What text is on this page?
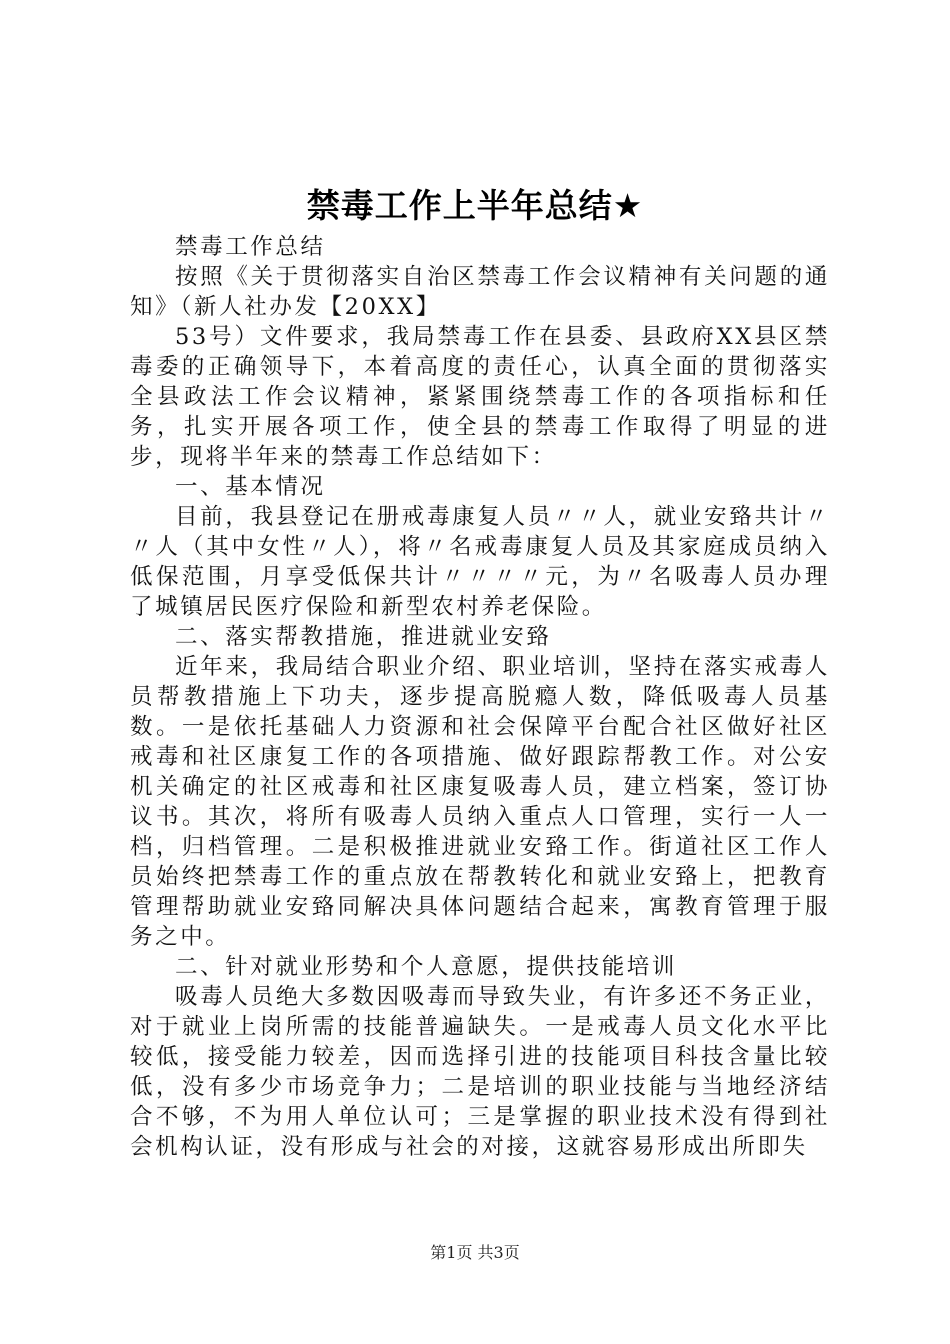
禁毒工作上半年总结★

禁毒工作总结

按照《关于贯彻落实自治区禁毒工作会议精神有关问题的通知》（新人社办发【20XX】

53号）文件要求，我局禁毒工作在县委、县政府XX县区禁毒委的正确领导下，本着高度的责任心，认真全面的贯彻落实全县政法工作会议精神，紧紧围绕禁毒工作的各项指标和任务，扎实开展各项工作，使全县的禁毒工作取得了明显的进步，现将半年来的禁毒工作总结如下：

一、基本情况

目前，我县登记在册戒毒康复人员〃〃人，就业安臵共计〃〃人（其中女性〃人），将〃名戒毒康复人员及其家庭成员纳入低保范围，月享受低保共计〃〃〃〃元，为〃名吸毒人员办理了城镇居民医疗保险和新型农村养老保险。

二、落实帮教措施，推进就业安臵

近年来，我局结合职业介绍、职业培训，坚持在落实戒毒人员帮教措施上下功夫，逐步提高脱瘾人数，降低吸毒人员基数。一是依托基础人力资源和社会保障平台配合社区做好社区戒毒和社区康复工作的各项措施、做好跟踪帮教工作。对公安机关确定的社区戒毒和社区康复吸毒人员，建立档案，签订协议书。其次，将所有吸毒人员纳入重点人口管理，实行一人一档，归档管理。二是积极推进就业安臵工作。街道社区工作人员始终把禁毒工作的重点放在帮教转化和就业安臵上，把教育管理帮助就业安臵同解决具体问题结合起来，寓教育管理于服务之中。

二、针对就业形势和个人意愿，提供技能培训

吸毒人员绝大多数因吸毒而导致失业，有许多还不务正业，对于就业上岗所需的技能普遍缺失。一是戒毒人员文化水平比较低，接受能力较差，因而选择引进的技能项目科技含量比较低，没有多少市场竞争力；二是培训的职业技能与当地经济结合不够，不为用人单位认可；三是掌握的职业技术没有得到社会机构认证，没有形成与社会的对接，这就容易形成出所即失

第1页 共3页
